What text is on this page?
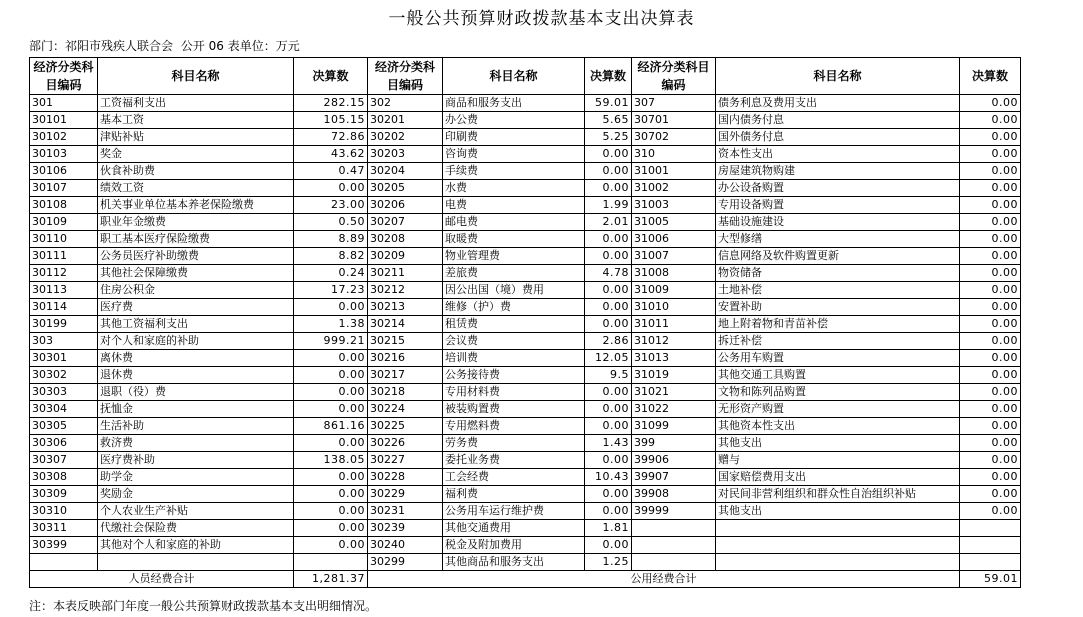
一般公共预算财政拨款基本支出决算表
部门：祁阳市残疾人联合会 公开 06 表单位：万元
经济分类科目编码	科目名称	决算数	经济分类科目编码	科目名称	决算数	经济分类科目编码	科目名称	决算数
301	工资福利支出	282.15	302	商品和服务支出	59.01	307	债务利息及费用支出	0.00
30101	基本工资	105.15	30201	办公费	5.65	30701	国内债务付息	0.00
30102	津贴补贴	72.86	30202	印刷费	5.25	30702	国外债务付息	0.00
30103	奖金	43.62	30203	咨询费	0.00	310	资本性支出	0.00
30106	伙食补助费	0.47	30204	手续费	0.00	31001	房屋建筑物购建	0.00
30107	绩效工资	0.00	30205	水费	0.00	31002	办公设备购置	0.00
30108	机关事业单位基本养老保险缴费	23.00	30206	电费	1.99	31003	专用设备购置	0.00
30109	职业年金缴费	0.50	30207	邮电费	2.01	31005	基础设施建设	0.00
30110	职工基本医疗保险缴费	8.89	30208	取暖费	0.00	31006	大型修缮	0.00
30111	公务员医疗补助缴费	8.82	30209	物业管理费	0.00	31007	信息网络及软件购置更新	0.00
30112	其他社会保障缴费	0.24	30211	差旅费	4.78	31008	物资储备	0.00
30113	住房公积金	17.23	30212	因公出国（境）费用	0.00	31009	土地补偿	0.00
30114	医疗费	0.00	30213	维修（护）费	0.00	31010	安置补助	0.00
30199	其他工资福利支出	1.38	30214	租赁费	0.00	31011	地上附着物和青苗补偿	0.00
303	对个人和家庭的补助	999.21	30215	会议费	2.86	31012	拆迁补偿	0.00
30301	离休费	0.00	30216	培训费	12.05	31013	公务用车购置	0.00
30302	退休费	0.00	30217	公务接待费	9.5	31019	其他交通工具购置	0.00
30303	退职（役）费	0.00	30218	专用材料费	0.00	31021	文物和陈列品购置	0.00
30304	抚恤金	0.00	30224	被装购置费	0.00	31022	无形资产购置	0.00
30305	生活补助	861.16	30225	专用燃料费	0.00	31099	其他资本性支出	0.00
30306	救济费	0.00	30226	劳务费	1.43	399	其他支出	0.00
30307	医疗费补助	138.05	30227	委托业务费	0.00	39906	赠与	0.00
30308	助学金	0.00	30228	工会经费	10.43	39907	国家赔偿费用支出	0.00
30309	奖励金	0.00	30229	福利费	0.00	39908	对民间非营利组织和群众性自治组织补贴	0.00
30310	个人农业生产补贴	0.00	30231	公务用车运行维护费	0.00	39999	其他支出	0.00
30311	代缴社会保险费	0.00	30239	其他交通费用	1.81			
30399	其他对个人和家庭的补助	0.00	30240	税金及附加费用	0.00			
			30299	其他商品和服务支出	1.25			
人员经费合计		1,281.37	公用经费合计					59.01
注：本表反映部门年度一般公共预算财政拨款基本支出明细情况。
